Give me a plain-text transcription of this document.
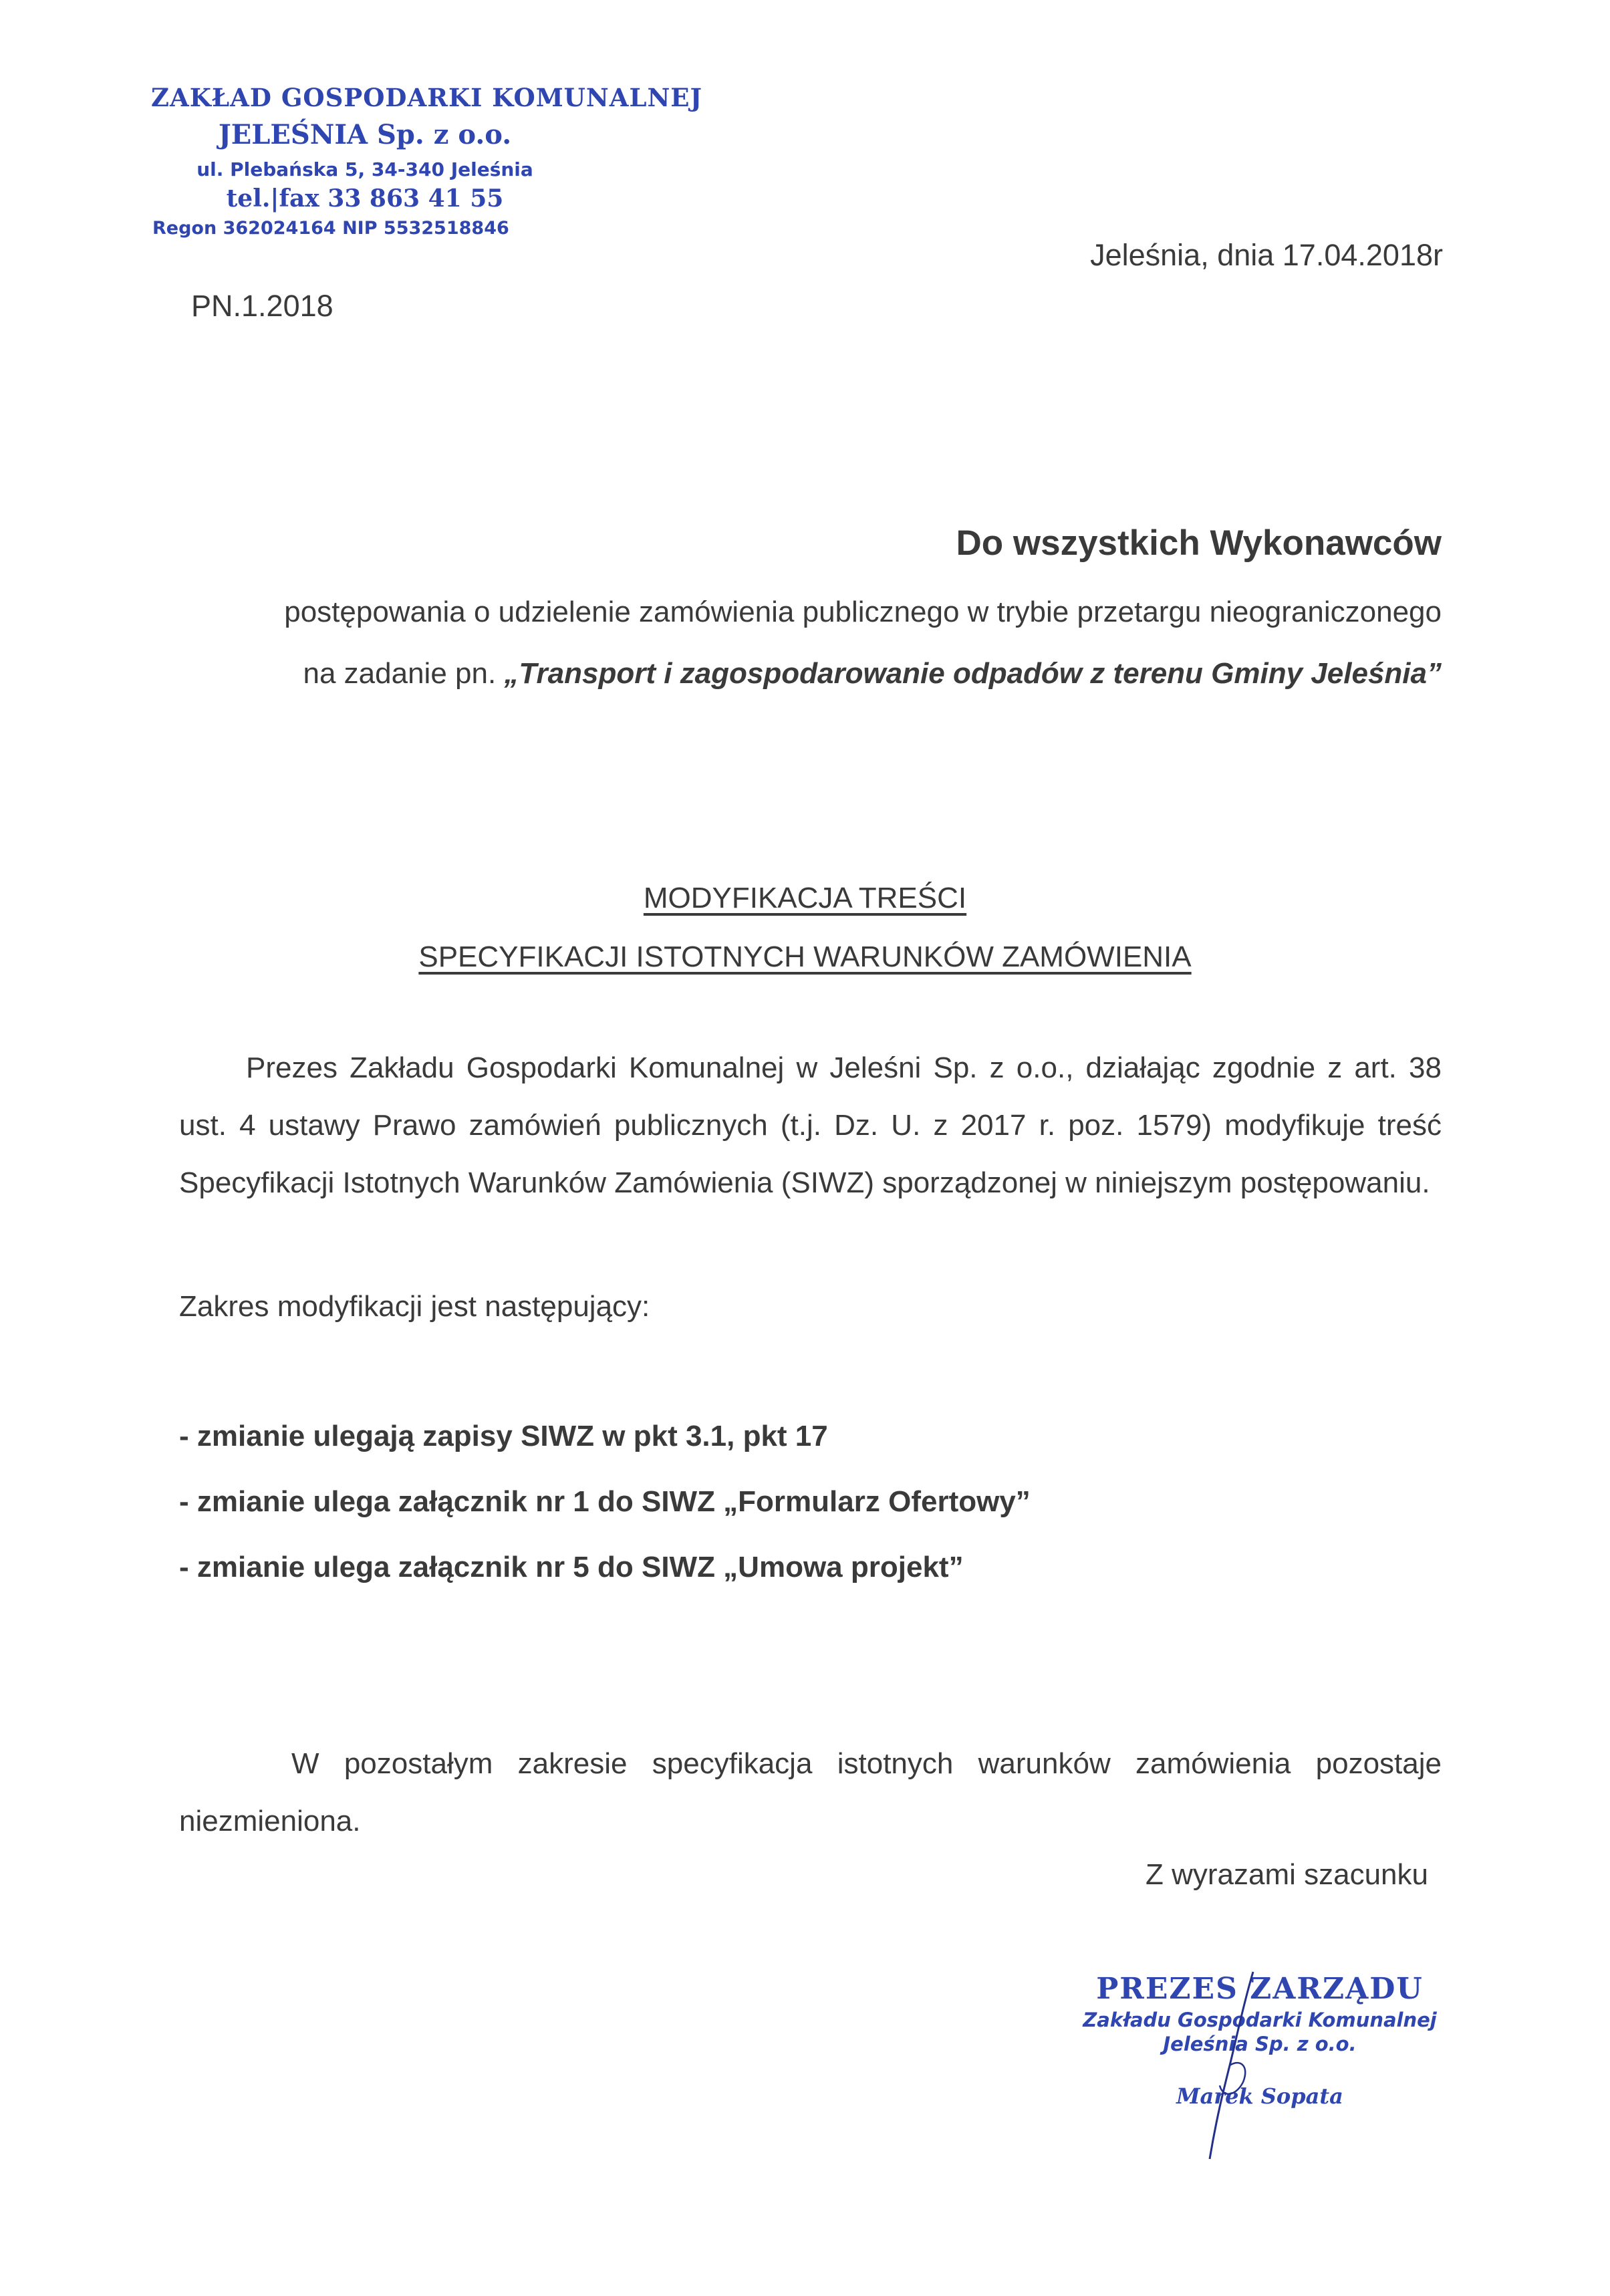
ZAKŁAD GOSPODARKI KOMUNALNEJ
JELEŚNIA Sp. z o.o.
ul. Plebańska 5, 34-340 Jeleśnia
tel.|fax 33 863 41 55
Regon 362024164 NIP 5532518846
PN.1.2018
Jeleśnia, dnia 17.04.2018r
Do wszystkich Wykonawców
postępowania o udzielenie zamówienia publicznego w trybie przetargu nieograniczonego na zadanie pn. „Transport i zagospodarowanie odpadów z terenu Gminy Jeleśnia”
MODYFIKACJA TREŚCI
SPECYFIKACJI ISTOTNYCH WARUNKÓW ZAMÓWIENIA
Prezes Zakładu Gospodarki Komunalnej w Jeleśni Sp. z o.o., działając zgodnie z art. 38 ust. 4 ustawy Prawo zamówień publicznych (t.j. Dz. U. z 2017 r. poz. 1579) modyfikuje treść Specyfikacji Istotnych Warunków Zamówienia (SIWZ) sporządzonej w niniejszym postępowaniu.
Zakres modyfikacji jest następujący:
- zmianie ulegają zapisy SIWZ w pkt 3.1, pkt 17
- zmianie ulega załącznik nr 1 do SIWZ „Formularz Ofertowy”
- zmianie ulega załącznik nr 5 do SIWZ „Umowa projekt”
W pozostałym zakresie specyfikacja istotnych warunków zamówienia pozostaje niezmieniona.
Z wyrazami szacunku
PREZES ZARZĄDU
Zakładu Gospodarki Komunalnej
Jeleśnia Sp. z o.o.
Marek Sopata
